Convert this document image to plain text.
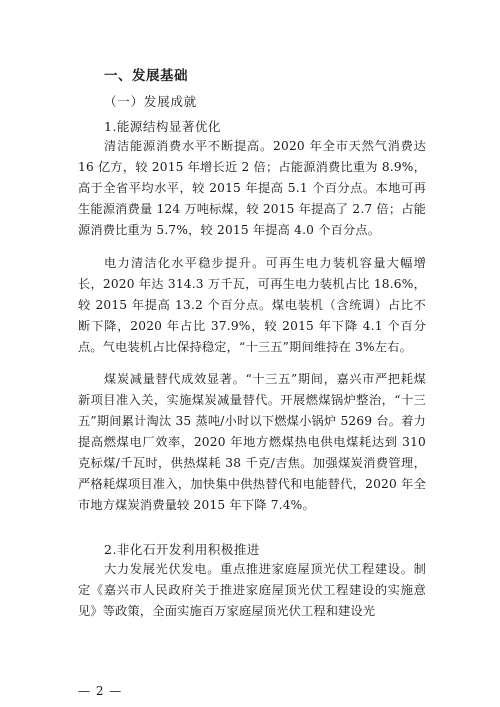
一、发展基础
（一）发展成就
1.能源结构显著优化

清洁能源消费水平不断提高。2020 年全市天然气消费达 16 亿方，较 2015 年增长近 2 倍；占能源消费比重为 8.9%，高于全省平均水平，较 2015 年提高 5.1 个百分点。本地可再生能源消费量 124 万吨标煤，较 2015 年提高了 2.7 倍；占能源消费比重为 5.7%，较 2015 年提高 4.0 个百分点。

电力清洁化水平稳步提升。可再生电力装机容量大幅增长，2020 年达 314.3 万千瓦，可再生电力装机占比 18.6%，较 2015 年提高 13.2 个百分点。煤电装机（含统调）占比不断下降，2020 年占比 37.9%，较 2015 年下降 4.1 个百分点。气电装机占比保持稳定，“十三五”期间维持在 3%左右。

煤炭减量替代成效显著。“十三五”期间，嘉兴市严把耗煤新项目准入关，实施煤炭减量替代。开展燃煤锅炉整治，“十三五”期间累计淘汰 35 蒸吨/小时以下燃煤小锅炉 5269 台。着力提高燃煤电厂效率，2020 年地方燃煤热电供电煤耗达到 310 克标煤/千瓦时，供热煤耗 38 千克/吉焦。加强煤炭消费管理，严格耗煤项目准入，加快集中供热替代和电能替代，2020 年全市地方煤炭消费量较 2015 年下降 7.4%。

2.非化石开发利用积极推进

大力发展光伏发电。重点推进家庭屋顶光伏工程建设。制定《嘉兴市人民政府关于推进家庭屋顶光伏工程建设的实施意见》等政策，全面实施百万家庭屋顶光伏工程和建设光

— 2 —
